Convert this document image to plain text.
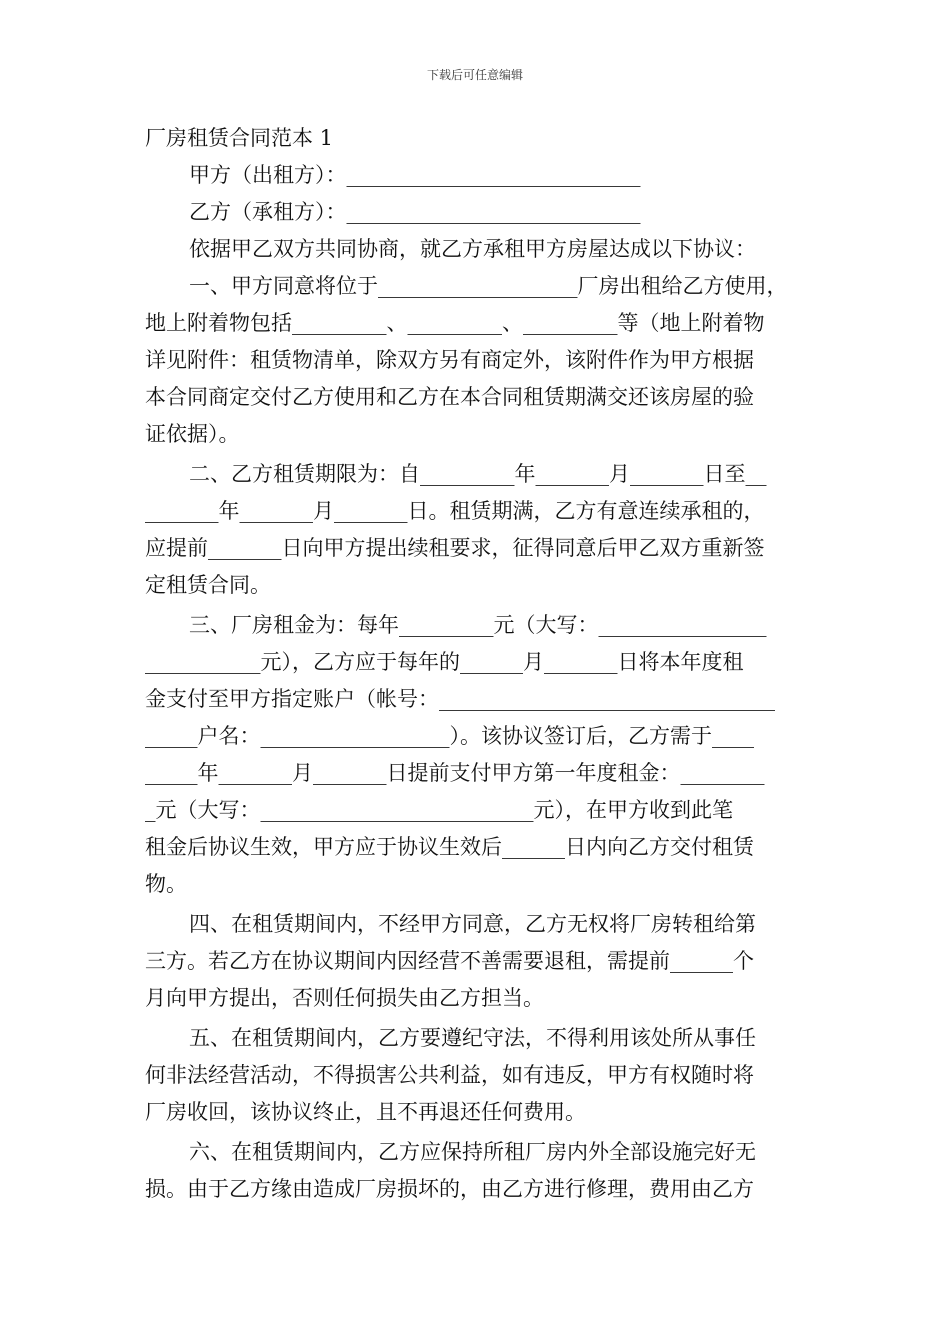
下载后可任意编辑
厂房租赁合同范本 1
甲方（出租方）：____________________________
乙方（承租方）：____________________________
依据甲乙双方共同协商，就乙方承租甲方房屋达成以下协议：
一、甲方同意将位于___________________厂房出租给乙方使用，
地上附着物包括_________、_________、_________等（地上附着物
详见附件：租赁物清单，除双方另有商定外，该附件作为甲方根据
本合同商定交付乙方使用和乙方在本合同租赁期满交还该房屋的验
证依据）。
二、乙方租赁期限为：自_________年_______月_______日至__
_______年_______月_______日。租赁期满，乙方有意连续承租的，
应提前_______日向甲方提出续租要求，征得同意后甲乙双方重新签
定租赁合同。
三、厂房租金为：每年_________元（大写：________________
___________元），乙方应于每年的______月_______日将本年度租
金支付至甲方指定账户（帐号：________________________________
_____户名：__________________）。该协议签订后，乙方需于____
_____年_______月_______日提前支付甲方第一年度租金：________
_元（大写：__________________________元），在甲方收到此笔
租金后协议生效，甲方应于协议生效后______日内向乙方交付租赁
物。
四、在租赁期间内，不经甲方同意，乙方无权将厂房转租给第
三方。若乙方在协议期间内因经营不善需要退租，需提前______个
月向甲方提出，否则任何损失由乙方担当。
五、在租赁期间内，乙方要遵纪守法，不得利用该处所从事任
何非法经营活动，不得损害公共利益，如有违反，甲方有权随时将
厂房收回，该协议终止，且不再退还任何费用。
六、在租赁期间内，乙方应保持所租厂房内外全部设施完好无
损。由于乙方缘由造成厂房损坏的，由乙方进行修理，费用由乙方
